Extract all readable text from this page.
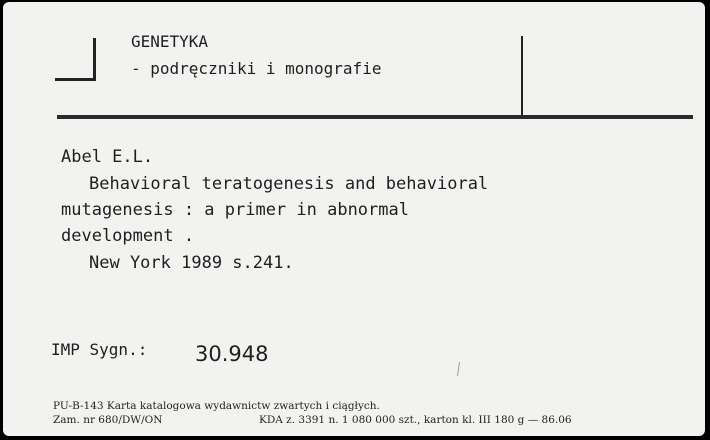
GENETYKA
- podręczniki i monografie
Abel E.L.
Behavioral teratogenesis and behavioral
mutagenesis : a primer in abnormal
development .
New York 1989 s.241.
IMP Sygn.: 30.948
PU-B-143 Karta katalogowa wydawnictw zwartych i ciągłych.
Zam. nr 680/DW/ON	KDA z. 3391 n. 1 080 000 szt., karton kl. III 180 g — 86.06
